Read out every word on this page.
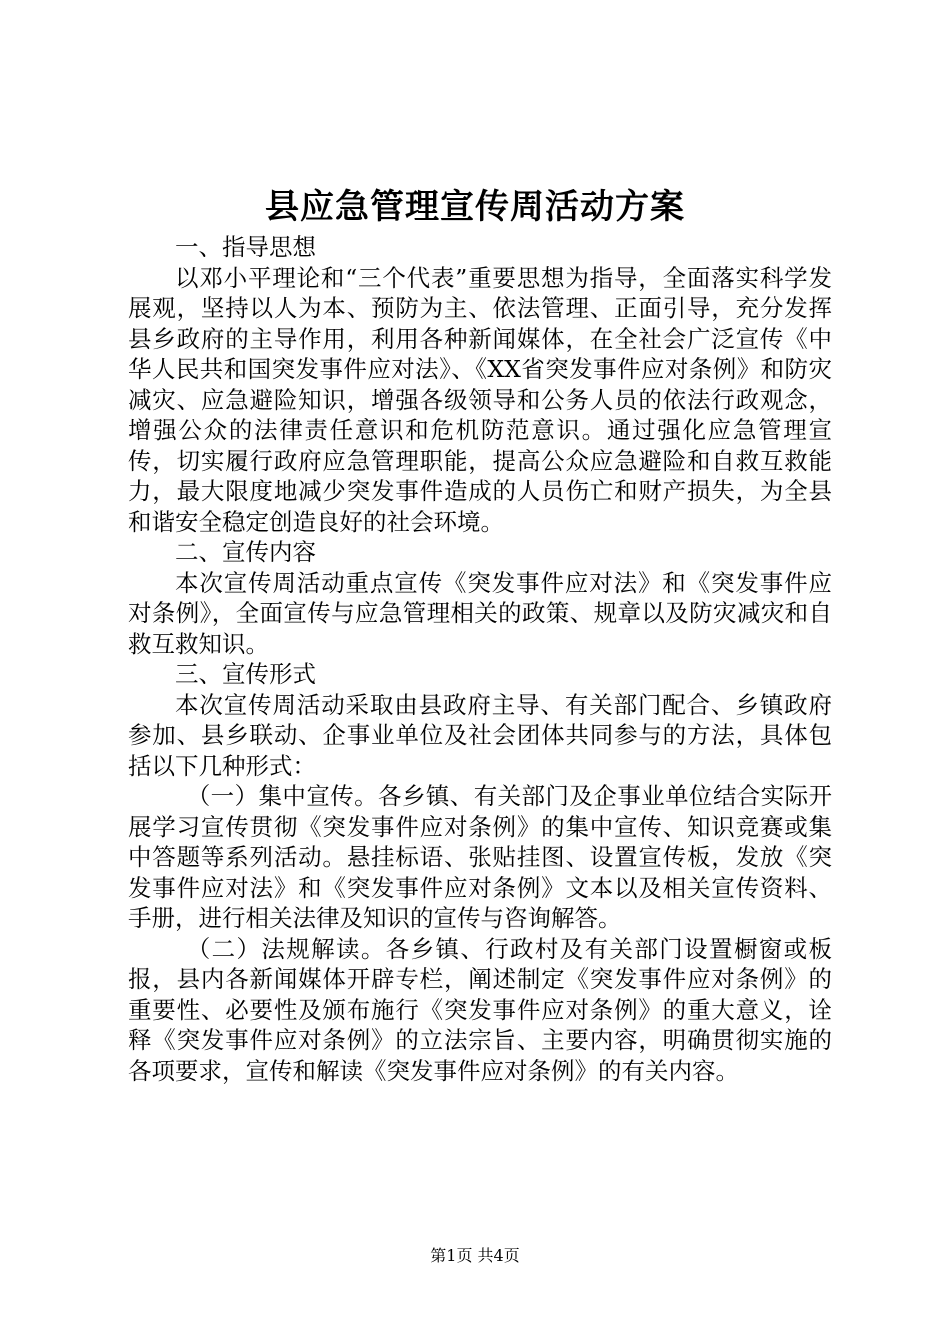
县应急管理宣传周活动方案

一、指导思想

以邓小平理论和“三个代表”重要思想为指导，全面落实科学发展观，坚持以人为本、预防为主、依法管理、正面引导，充分发挥县乡政府的主导作用，利用各种新闻媒体，在全社会广泛宣传《中华人民共和国突发事件应对法》、《XX省突发事件应对条例》和防灾减灾、应急避险知识，增强各级领导和公务人员的依法行政观念，增强公众的法律责任意识和危机防范意识。通过强化应急管理宣传，切实履行政府应急管理职能，提高公众应急避险和自救互救能力，最大限度地减少突发事件造成的人员伤亡和财产损失，为全县和谐安全稳定创造良好的社会环境。

二、宣传内容

本次宣传周活动重点宣传《突发事件应对法》和《突发事件应对条例》，全面宣传与应急管理相关的政策、规章以及防灾减灾和自救互救知识。

三、宣传形式

本次宣传周活动采取由县政府主导、有关部门配合、乡镇政府参加、县乡联动、企事业单位及社会团体共同参与的方法，具体包括以下几种形式：

（一）集中宣传。各乡镇、有关部门及企事业单位结合实际开展学习宣传贯彻《突发事件应对条例》的集中宣传、知识竞赛或集中答题等系列活动。悬挂标语、张贴挂图、设置宣传板，发放《突发事件应对法》和《突发事件应对条例》文本以及相关宣传资料、手册，进行相关法律及知识的宣传与咨询解答。

（二）法规解读。各乡镇、行政村及有关部门设置橱窗或板报，县内各新闻媒体开辟专栏，阐述制定《突发事件应对条例》的重要性、必要性及颁布施行《突发事件应对条例》的重大意义，诠释《突发事件应对条例》的立法宗旨、主要内容，明确贯彻实施的各项要求，宣传和解读《突发事件应对条例》的有关内容。

第1页 共4页
